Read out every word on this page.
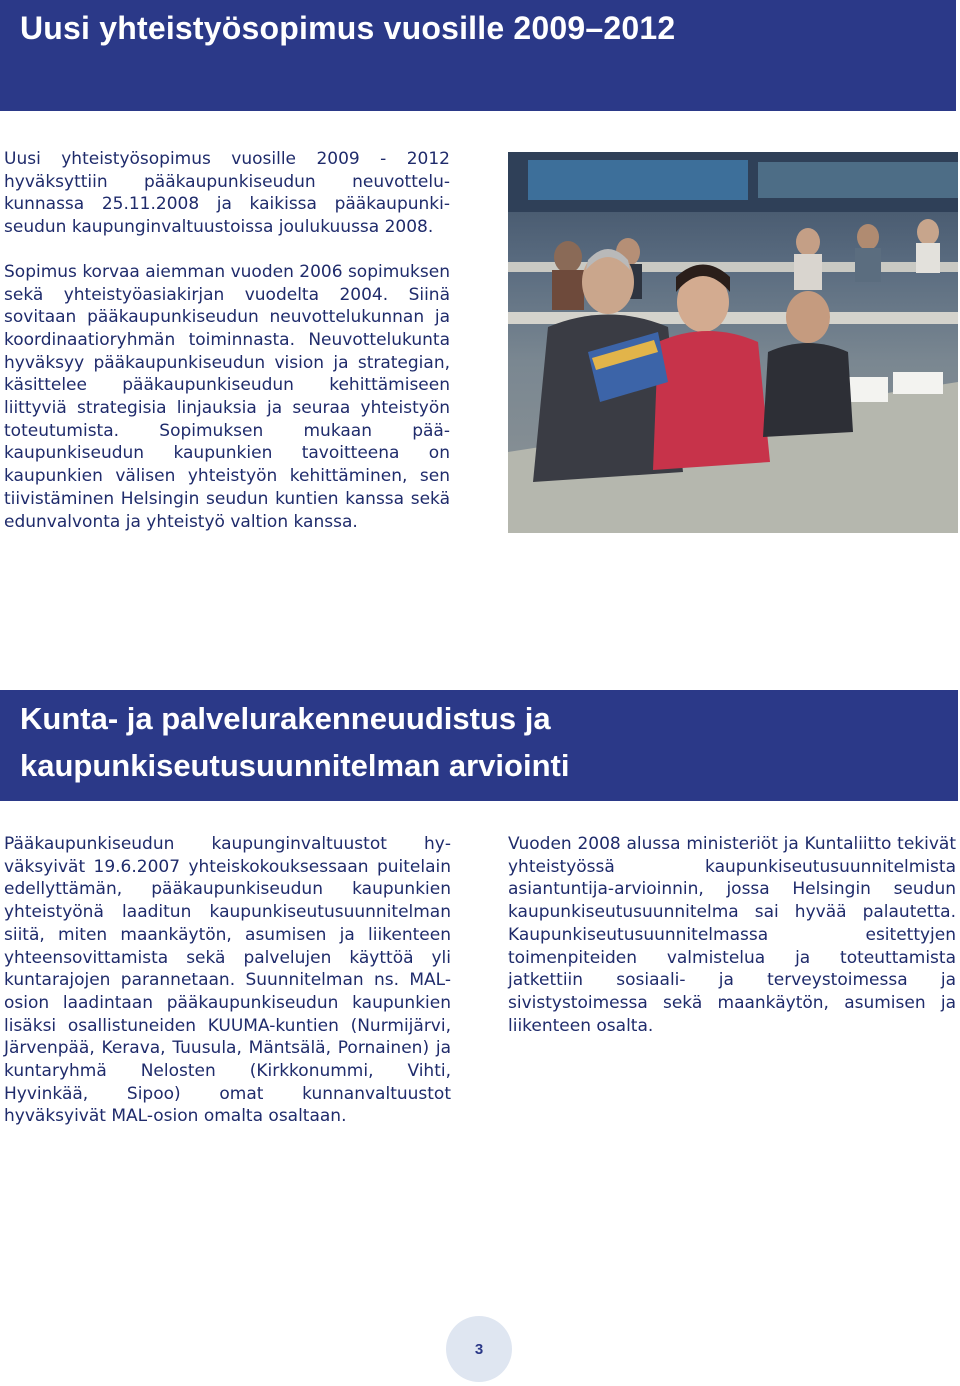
Uusi yhteistyösopimus vuosille 2009–2012

Uusi yhteistyösopimus vuosille 2009 - 2012 hyväksyttiin pääkaupunkiseudun neuvottelukunnassa 25.11.2008 ja kaikissa pääkaupunkiseudun kaupunginvaltuustoissa joulukuussa 2008.

Sopimus korvaa aiemman vuoden 2006 sopimuksen sekä yhteistyöasiakirjan vuodelta 2004. Siinä sovitaan pääkaupunkiseudun neuvottelukunnan ja koordinaatioryhmän toiminnasta. Neuvottelukunta hyväksyy pääkaupunkiseudun vision ja strategian, käsittelee pääkaupunkiseudun kehittämiseen liittyviä strategisia linjauksia ja seuraa yhteistyön toteutumista. Sopimuksen mukaan pääkaupunkiseudun kaupunkien tavoitteena on kaupunkien välisen yhteistyön kehittäminen, sen tiivistäminen Helsingin seudun kuntien kanssa sekä edunvalvonta ja yhteistyö valtion kanssa.

Kunta- ja palvelurakenneuudistus ja
kaupunkiseutusuunnitelman arviointi

Pääkaupunkiseudun kaupunginvaltuustot hyväksyivät 19.6.2007 yhteiskokouksessaan puitelain edellyttämän, pääkaupunkiseudun kaupunkien yhteistyönä laaditun kaupunkiseutusuunnitelman siitä, miten maankäytön, asumisen ja liikenteen yhteensovittamista sekä palvelujen käyttöä yli kuntarajojen parannetaan. Suunnitelman ns. MAL-osion laadintaan pääkaupunkiseudun kaupunkien lisäksi osallistuneiden KUUMA-kuntien (Nurmijärvi, Järvenpää, Kerava, Tuusula, Mäntsälä, Pornainen) ja kuntaryhmä Nelosten (Kirkkonummi, Vihti, Hyvinkää, Sipoo) omat kunnanvaltuustot hyväksyivät MAL-osion omalta osaltaan.

Vuoden 2008 alussa ministeriöt ja Kuntaliitto tekivät yhteistyössä kaupunkiseutusuunnitelmista asiantuntija-arvioinnin, jossa Helsingin seudun kaupunkiseutusuunnitelma sai hyvää palautetta. Kaupunkiseutusuunnitelmassa esitettyjen toimenpiteiden valmistelua ja toteuttamista jatkettiin sosiaali- ja terveystoimessa ja sivistystoimessa sekä maankäytön, asumisen ja liikenteen osalta.

3
